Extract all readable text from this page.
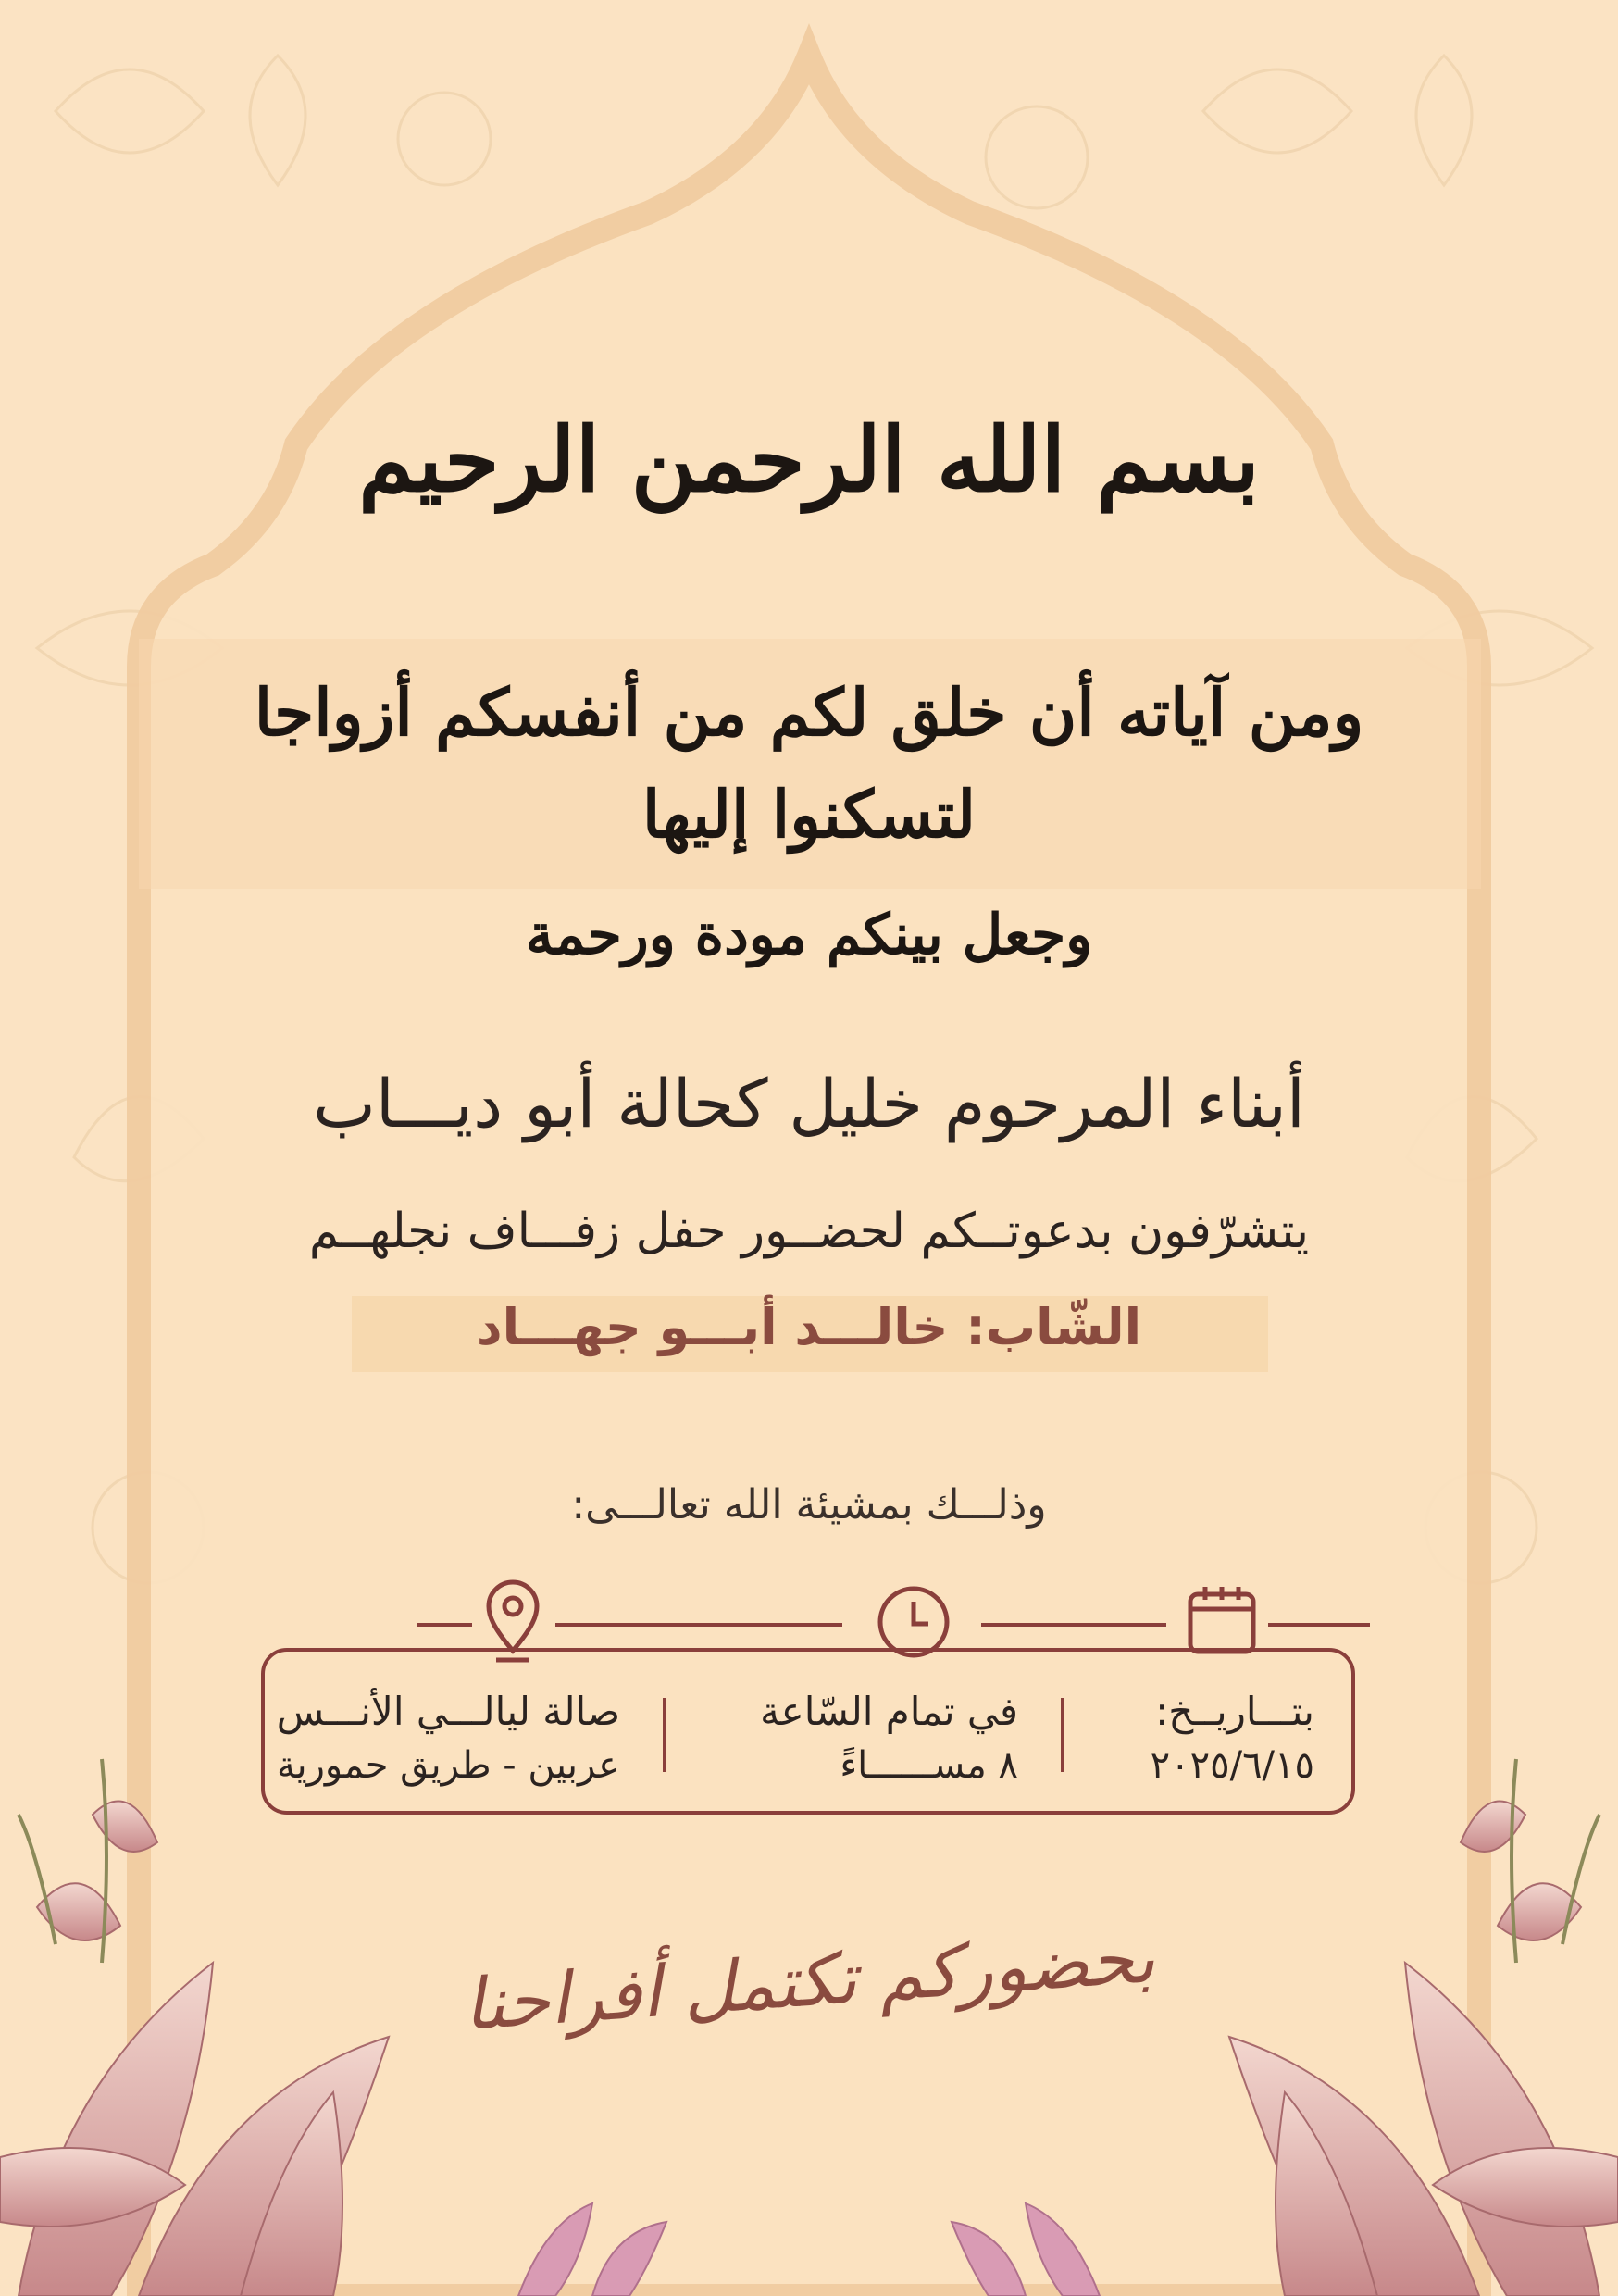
بسم الله الرحمن الرحيم
ومن آياته أن خلق لكم من أنفسكم أزواجا لتسكنوا إليها
وجعل بينكم مودة ورحمة
أبناء المرحوم خليل كحالة أبو ديـــاب
يتشرّفون بدعوتــكم لحضــور حفل زفـــاف نجلهــم
الشّاب: خالـــد أبـــو جهـــاد
وذلـــك بمشيئة الله تعالـــى:
بتـــاريــخ:
٢٠٢٥/٦/١٥
في تمام السّاعة
٨ مســــــاءً
صالة ليالـــي الأنـــس
عربين - طريق حمورية
بحضوركم تكتمل أفراحنا
